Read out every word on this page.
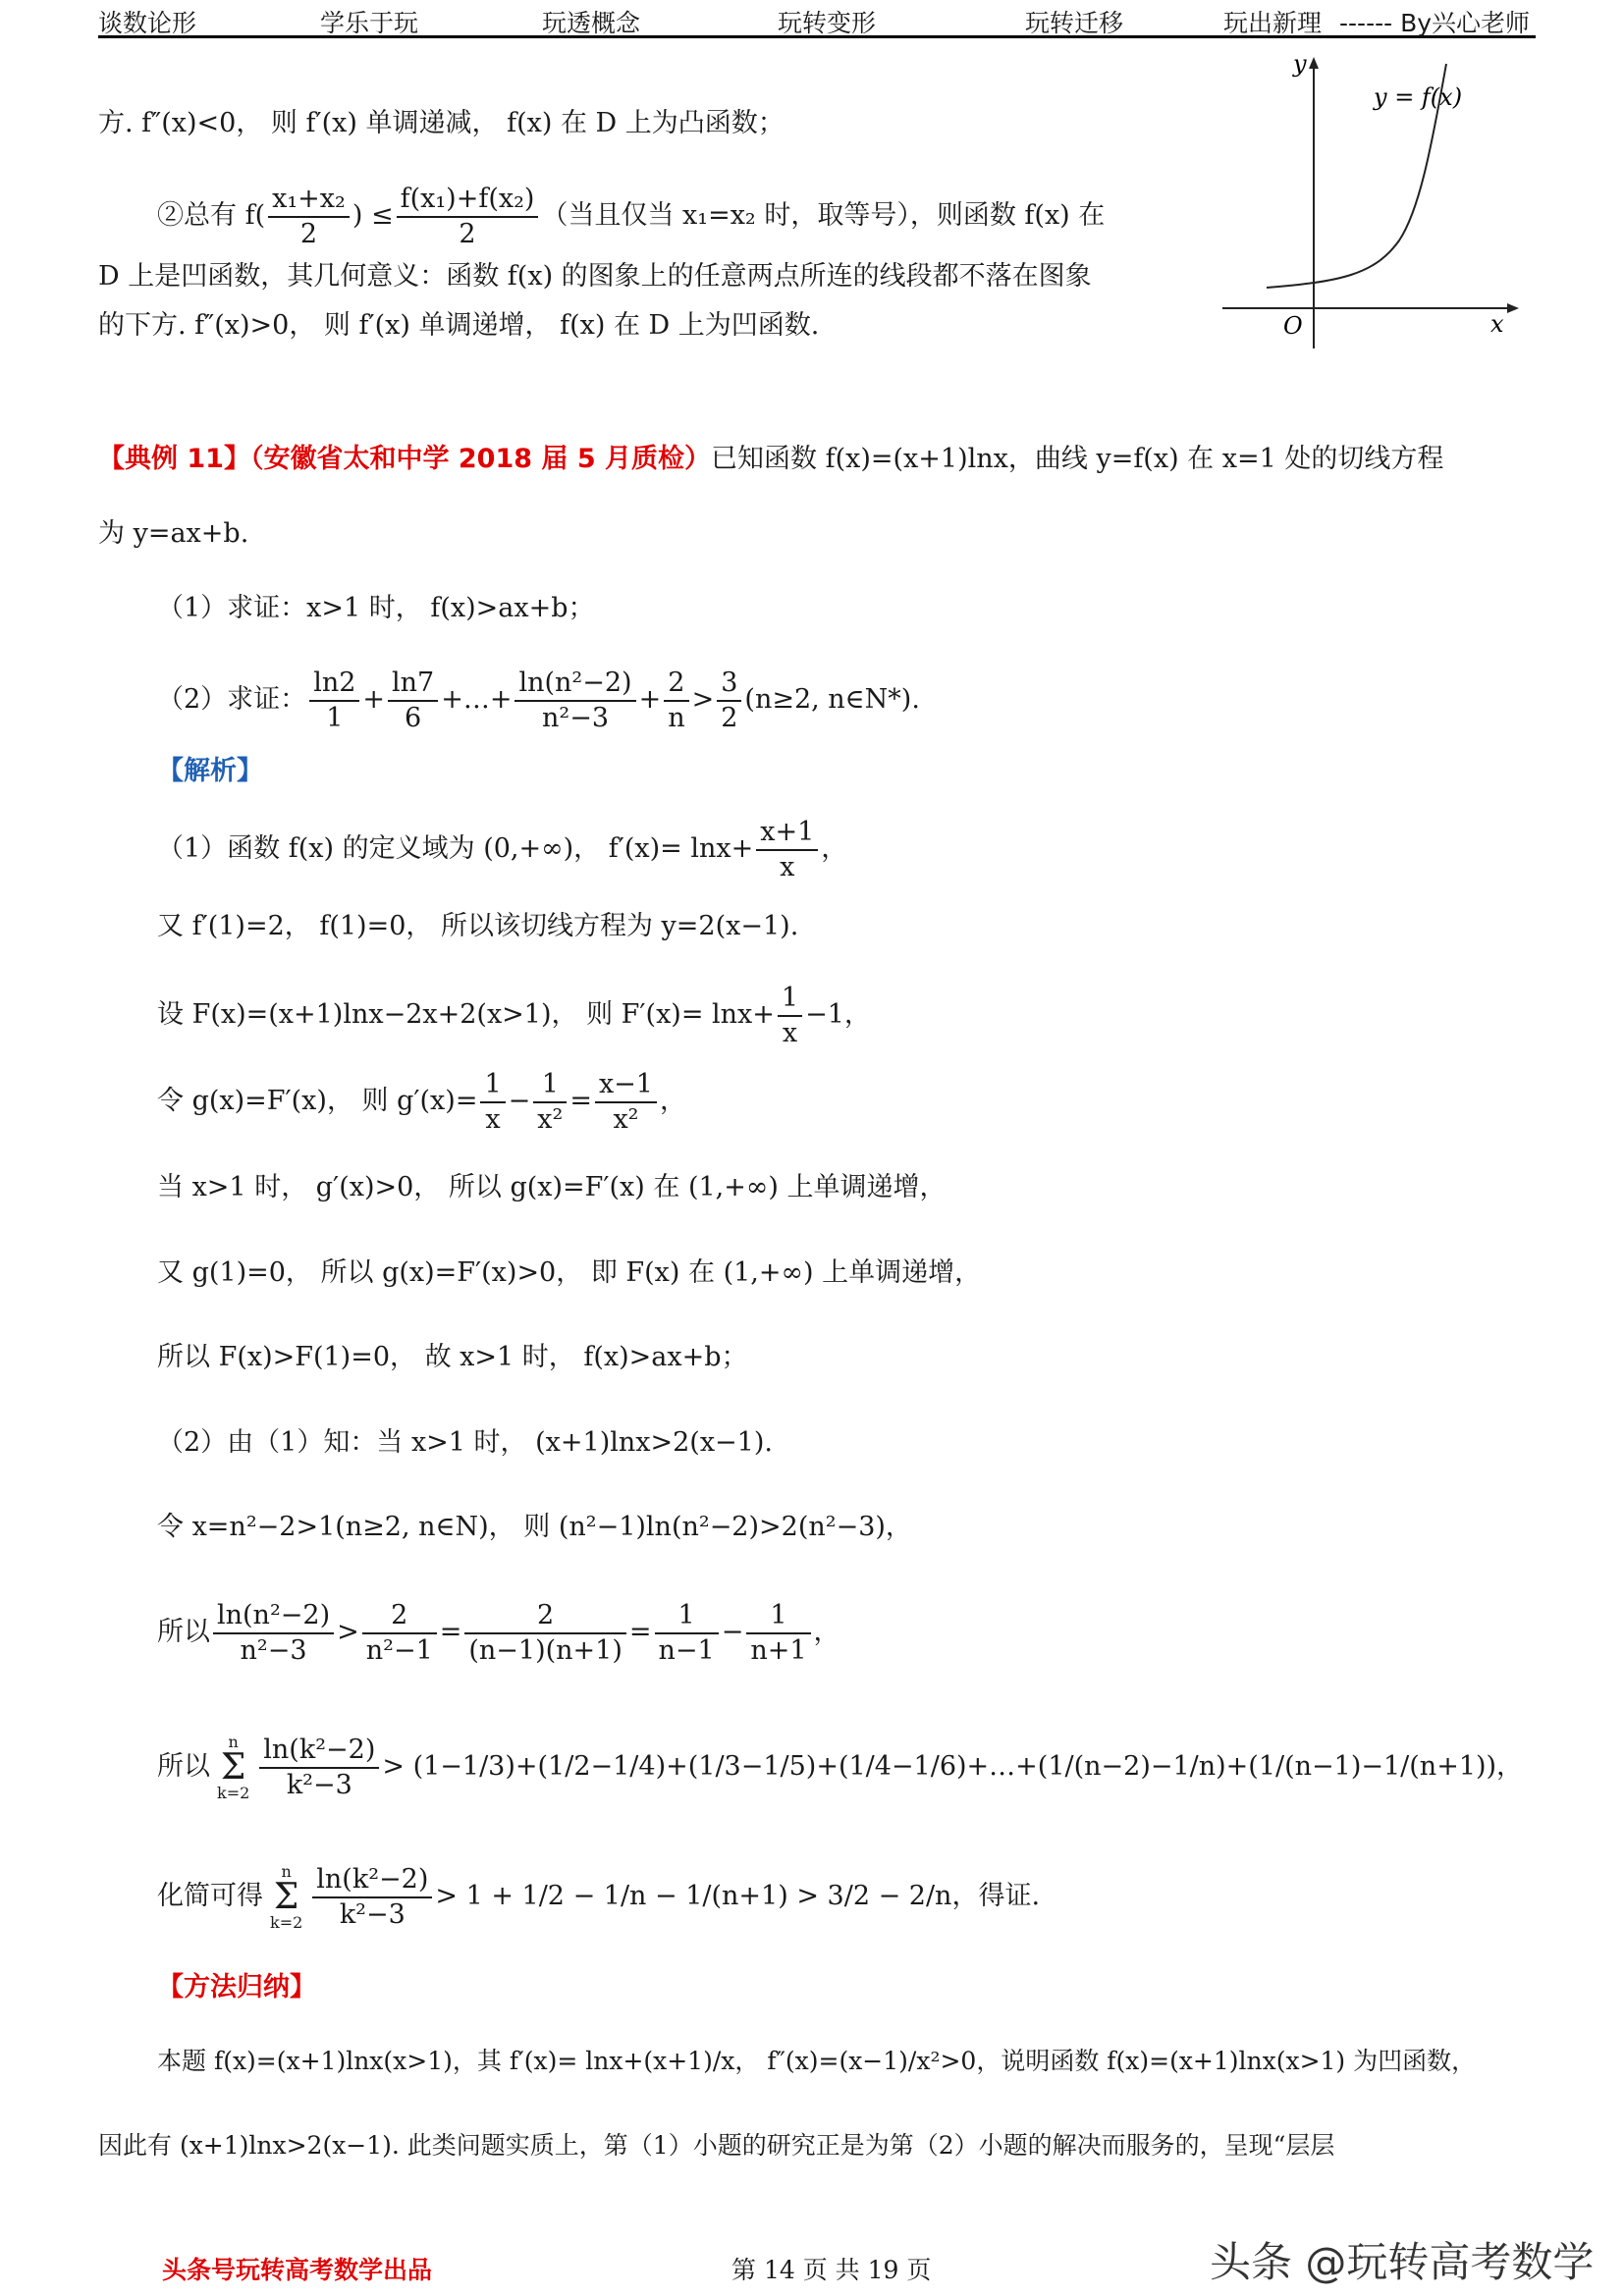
谈数论形	学乐于玩	玩透概念	玩转变形	玩转迁移	玩出新理 ------ By兴心老师
方. f″(x)<0， 则 f′(x) 单调递减， f(x) 在 D 上为凸函数；
②总有 $f( \frac{\text{x₁+x₂}}{2}$ ) ≤ $\frac{\text{f(x₁)+f(x₂)}}{2}$ （当且仅当 x₁=x₂ 时，取等号），则函数 f(x) 在
D 上是凹函数，其几何意义：函数 f(x) 的图象上的任意两点所连的线段都不落在图象
的下方. f″(x)>0， 则 f′(x) 单调递增， f(x) 在 D 上为凹函数.
y
x
O
y = f(x)
【典例 11】（安徽省太和中学 2018 届 5 月质检）已知函数 f(x)=(x+1)lnx，曲线 y=f(x) 在 x=1 处的切线方程
为 y=ax+b.
（1）求证：x>1 时， f(x)>ax+b；
（2）求证： $\frac{\ln 2}{1} + \frac{\ln 7}{6}$ +…+ $\frac{\text{ln(n²−2)}}{\text{n²−3}} + \frac{2}{n} > \frac{3}{2} (n\ge 2$, n∈N*).
【解析】
（1）函数 f(x) 的定义域为 (0,+∞)， $f'(x)= \ln x+ \frac{x+1}{x}$ ，
又 f′(1)=2， f(1)=0， 所以该切线方程为 y=2(x−1).
设 F(x)=(x+1)lnx−2x+2(x>1)， 则 $F'(x)= \ln x+ \frac{1}{x} -1$，
令 g(x)=F′(x)， 则 $g'(x)= \frac{1}{x} - \frac{1}{\text{x²}} = \frac{x-1}{\text{x²}}$ ，
当 x>1 时， g′(x)>0， 所以 g(x)=F′(x) 在 (1,+∞) 上单调递增，
又 g(1)=0， 所以 g(x)=F′(x)>0， 即 F(x) 在 (1,+∞) 上单调递增，
所以 F(x)>F(1)=0， 故 x>1 时， f(x)>ax+b；
（2）由（1）知：当 x>1 时， (x+1)lnx>2(x−1).
令 x=n²−2>1(n≥2, n∈N)， 则 (n²−1)ln(n²−2)>2(n²−3)，
所以 $\frac{\text{ln(n²−2)}}{\text{n²−3}} > \frac{2}{\text{n²−1}} = \frac{2}{(n-1)(n+1)} = \frac{1}{n-1} - \frac{1}{n+1}$ ，
所以
n
Σ
$k=2 \frac{\text{ln(k²−2)}}{\text{k²−3}}$ > (1−1/3)+(1/2−1/4)+(1/3−1/5)+(1/4−1/6)+…+(1/(n−2)−1/n)+(1/(n−1)−1/(n+1))，
化简可得
n
Σ
$k=2 \frac{\text{ln(k²−2)}}{\text{k²−3}} > 1 + 1/2 - 1/n - 1/(n+1) > 3/2 - 2/n$，得证.
【方法归纳】
本题 f(x)=(x+1)lnx(x>1)，其 f′(x)= lnx+(x+1)/x， f″(x)=(x−1)/x²>0，说明函数 f(x)=(x+1)lnx(x>1) 为凹函数，
因此有 (x+1)lnx>2(x−1). 此类问题实质上，第（1）小题的研究正是为第（2）小题的解决而服务的，呈现“层层
头条号玩转高考数学出品	第 14 页 共 19 页	头条 @玩转高考数学
